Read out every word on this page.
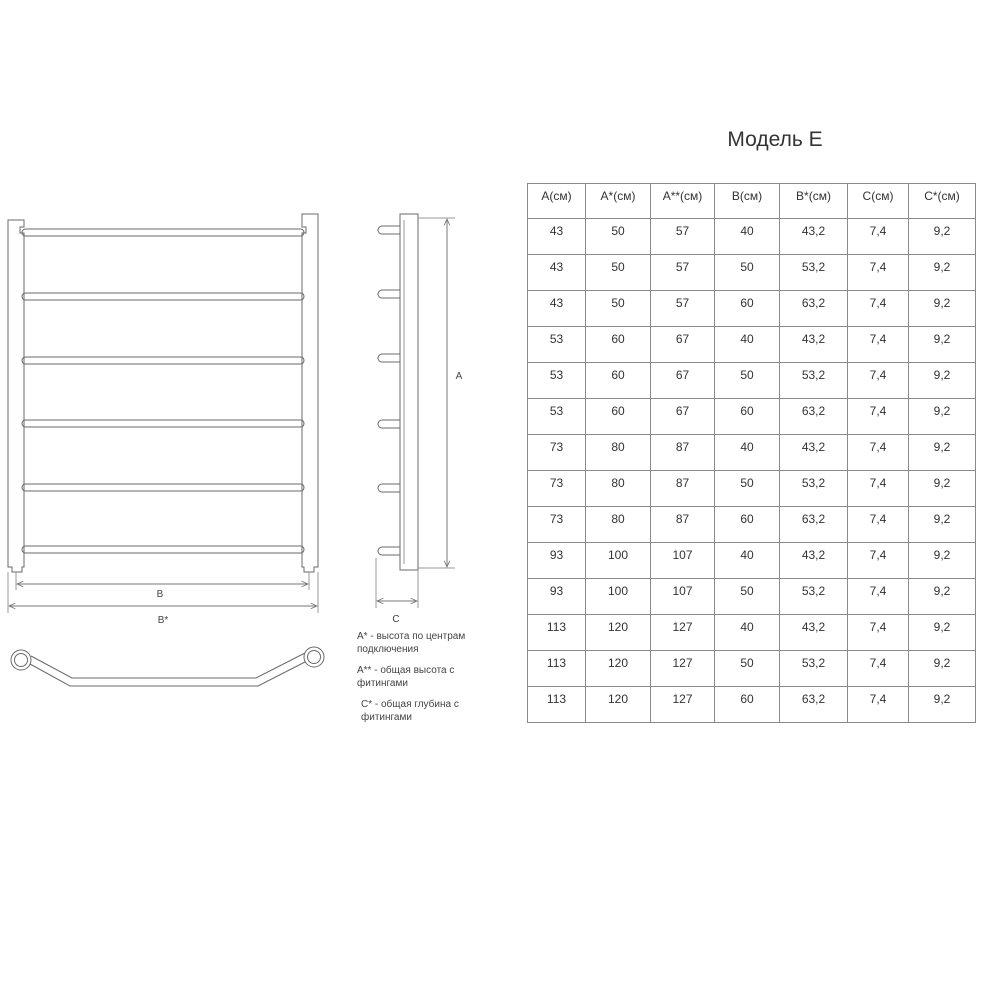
B
B*
A
C
Модель Е

A* - высота по центрам подключения

A** - общая высота с фитингами

C* - общая глубина с фитингами

A(см)	A*(см)	A**(см)	B(см)	B*(см)	C(см)	C*(см)
43	50	57	40	43,2	7,4	9,2
43	50	57	50	53,2	7,4	9,2
43	50	57	60	63,2	7,4	9,2
53	60	67	40	43,2	7,4	9,2
53	60	67	50	53,2	7,4	9,2
53	60	67	60	63,2	7,4	9,2
73	80	87	40	43,2	7,4	9,2
73	80	87	50	53,2	7,4	9,2
73	80	87	60	63,2	7,4	9,2
93	100	107	40	43,2	7,4	9,2
93	100	107	50	53,2	7,4	9,2
113	120	127	40	43,2	7,4	9,2
113	120	127	50	53,2	7,4	9,2
113	120	127	60	63,2	7,4	9,2
